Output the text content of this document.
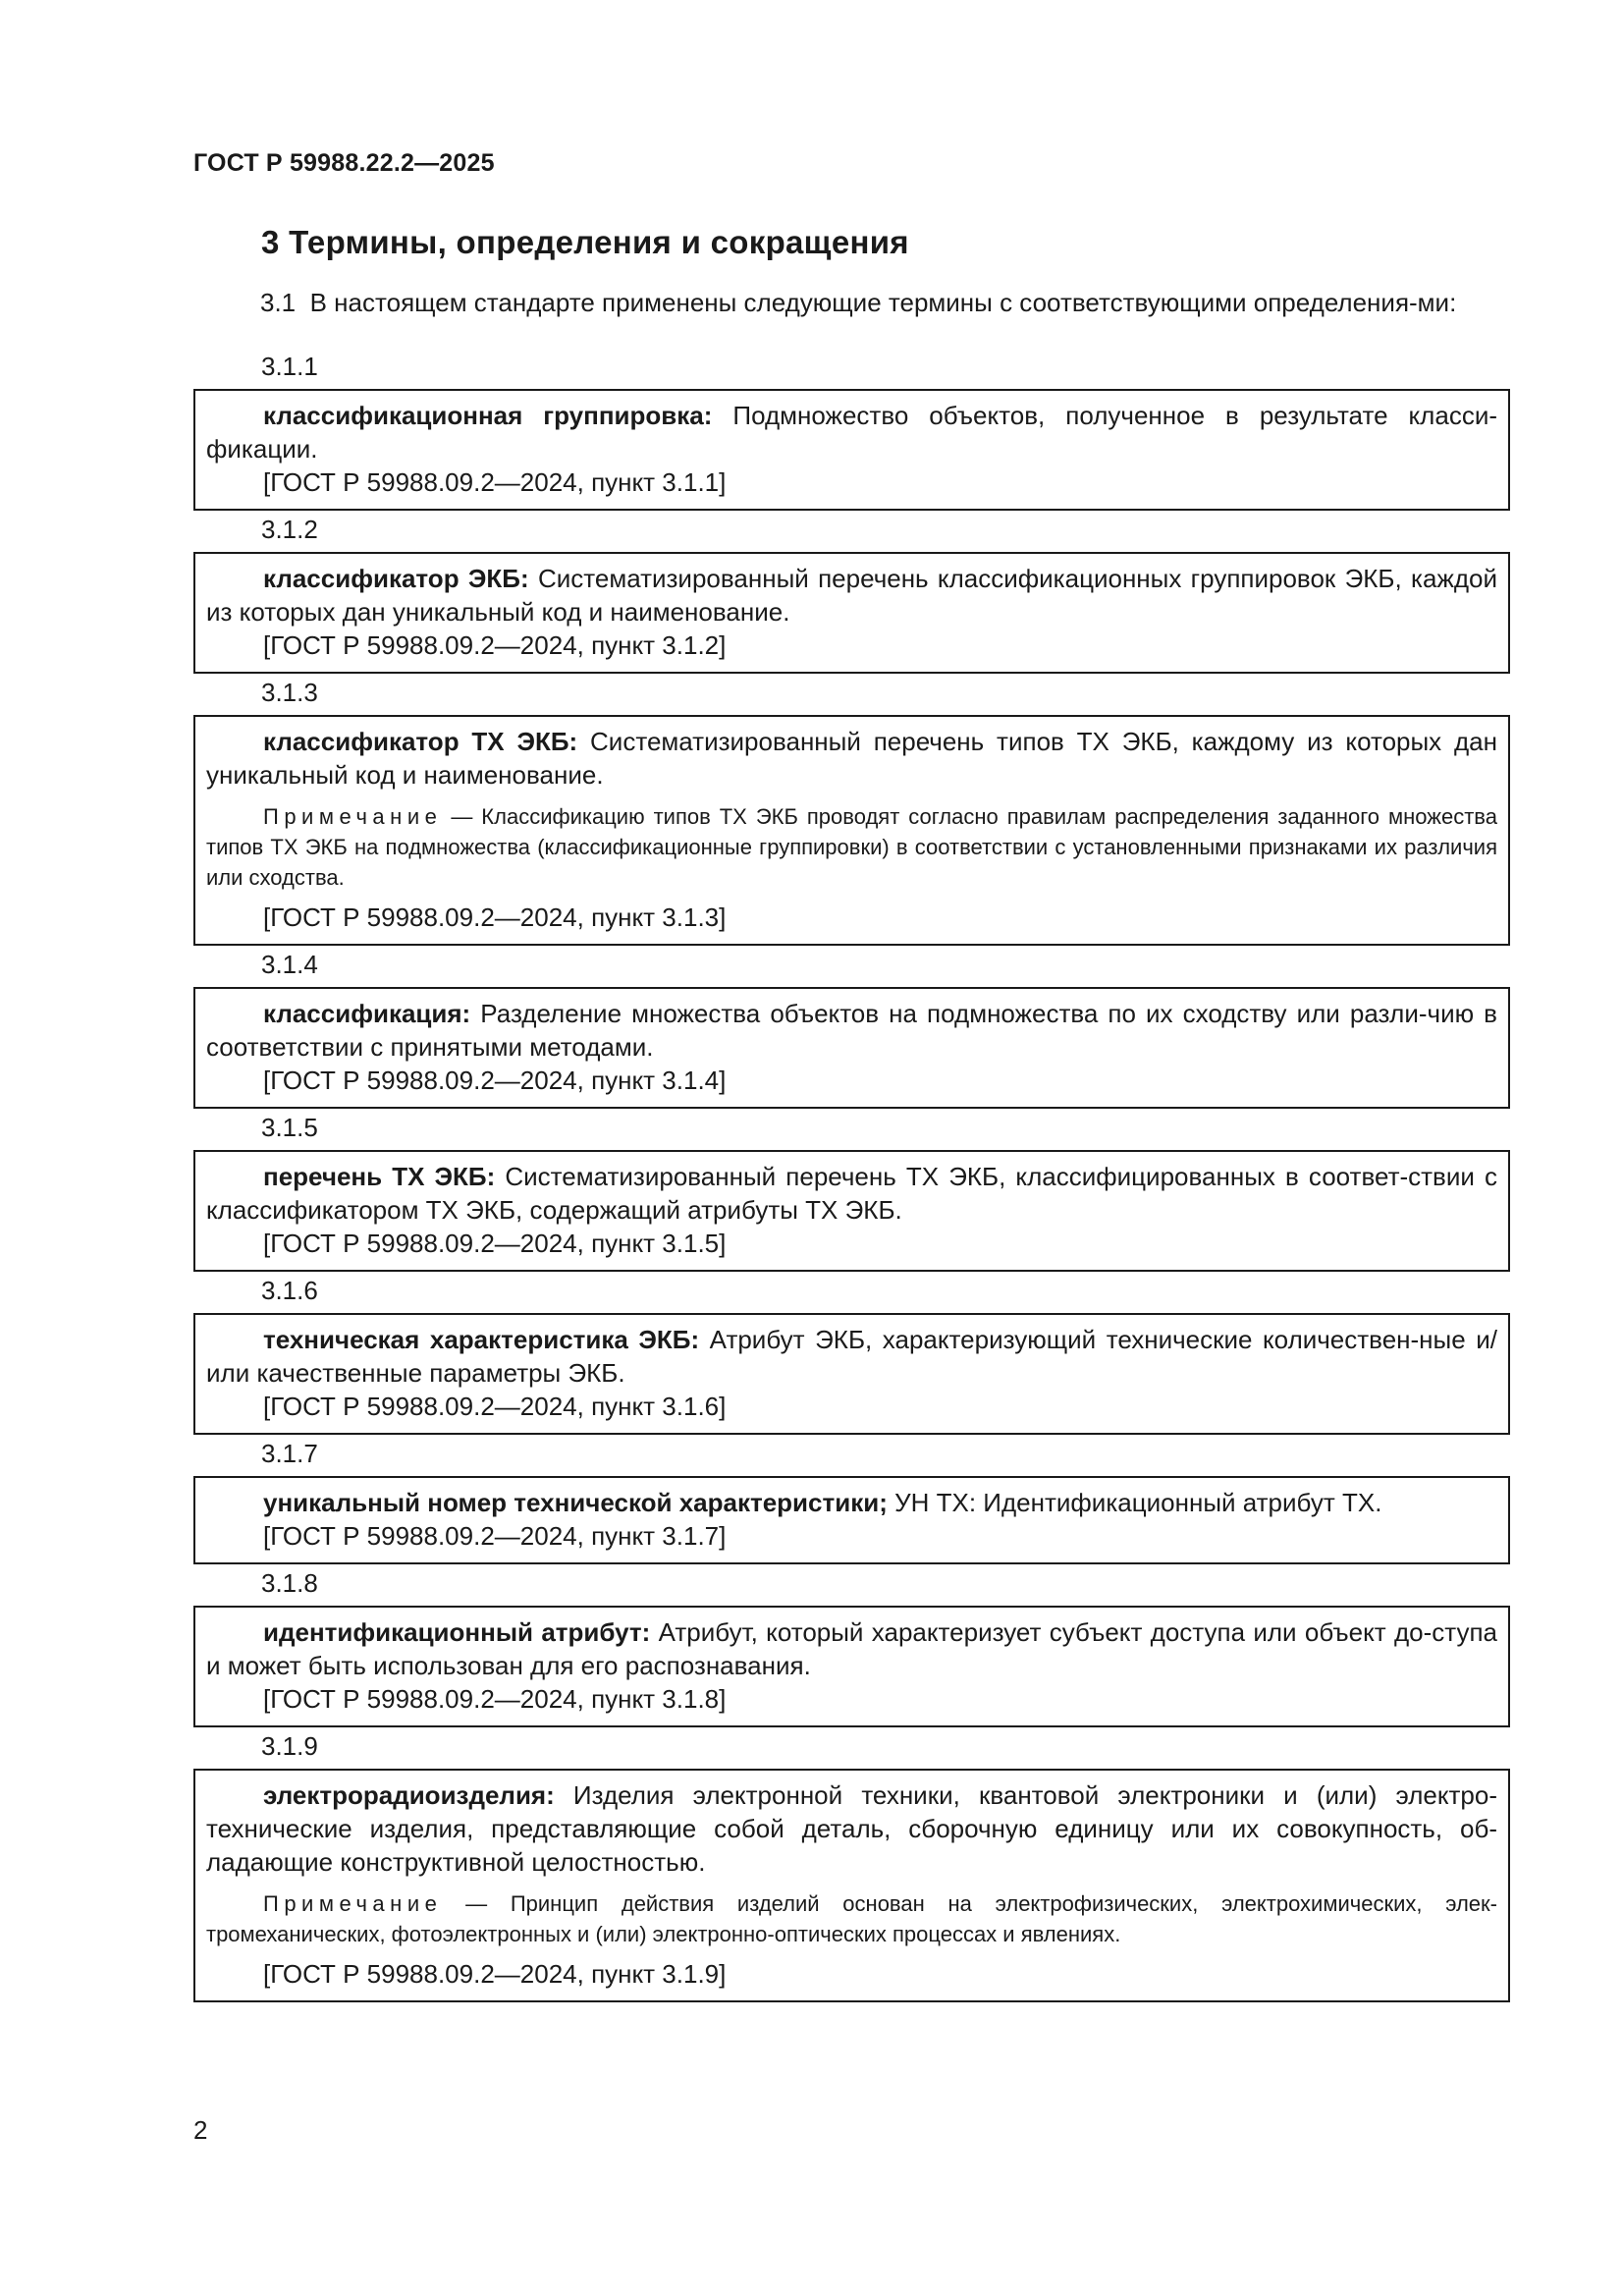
ГОСТ Р 59988.22.2—2025
3 Термины, определения и сокращения
3.1 В настоящем стандарте применены следующие термины с соответствующими определения-ми:
3.1.1

классификационная группировка: Подмножество объектов, полученное в результате класси-фикации.

[ГОСТ Р 59988.09.2—2024, пункт 3.1.1]

3.1.2

классификатор ЭКБ: Систематизированный перечень классификационных группировок ЭКБ, каждой из которых дан уникальный код и наименование.

[ГОСТ Р 59988.09.2—2024, пункт 3.1.2]

3.1.3

классификатор ТХ ЭКБ: Систематизированный перечень типов ТХ ЭКБ, каждому из которых дан уникальный код и наименование.

Примечание — Классификацию типов ТХ ЭКБ проводят согласно правилам распределения заданного множества типов ТХ ЭКБ на подмножества (классификационные группировки) в соответствии с установленными признаками их различия или сходства.

[ГОСТ Р 59988.09.2—2024, пункт 3.1.3]

3.1.4

классификация: Разделение множества объектов на подмножества по их сходству или разли-чию в соответствии с принятыми методами.

[ГОСТ Р 59988.09.2—2024, пункт 3.1.4]

3.1.5

перечень ТХ ЭКБ: Систематизированный перечень ТХ ЭКБ, классифицированных в соответ-ствии с классификатором ТХ ЭКБ, содержащий атрибуты ТХ ЭКБ.

[ГОСТ Р 59988.09.2—2024, пункт 3.1.5]

3.1.6

техническая характеристика ЭКБ: Атрибут ЭКБ, характеризующий технические количествен-ные и/или качественные параметры ЭКБ.

[ГОСТ Р 59988.09.2—2024, пункт 3.1.6]

3.1.7

уникальный номер технической характеристики; УН ТХ: Идентификационный атрибут ТХ.

[ГОСТ Р 59988.09.2—2024, пункт 3.1.7]

3.1.8

идентификационный атрибут: Атрибут, который характеризует субъект доступа или объект до-ступа и может быть использован для его распознавания.

[ГОСТ Р 59988.09.2—2024, пункт 3.1.8]

3.1.9

электрорадиоизделия: Изделия электронной техники, квантовой электроники и (или) электро-технические изделия, представляющие собой деталь, сборочную единицу или их совокупность, об-ладающие конструктивной целостностью.

Примечание — Принцип действия изделий основан на электрофизических, электрохимических, элек-тромеханических, фотоэлектронных и (или) электронно-оптических процессах и явлениях.

[ГОСТ Р 59988.09.2—2024, пункт 3.1.9]

2
